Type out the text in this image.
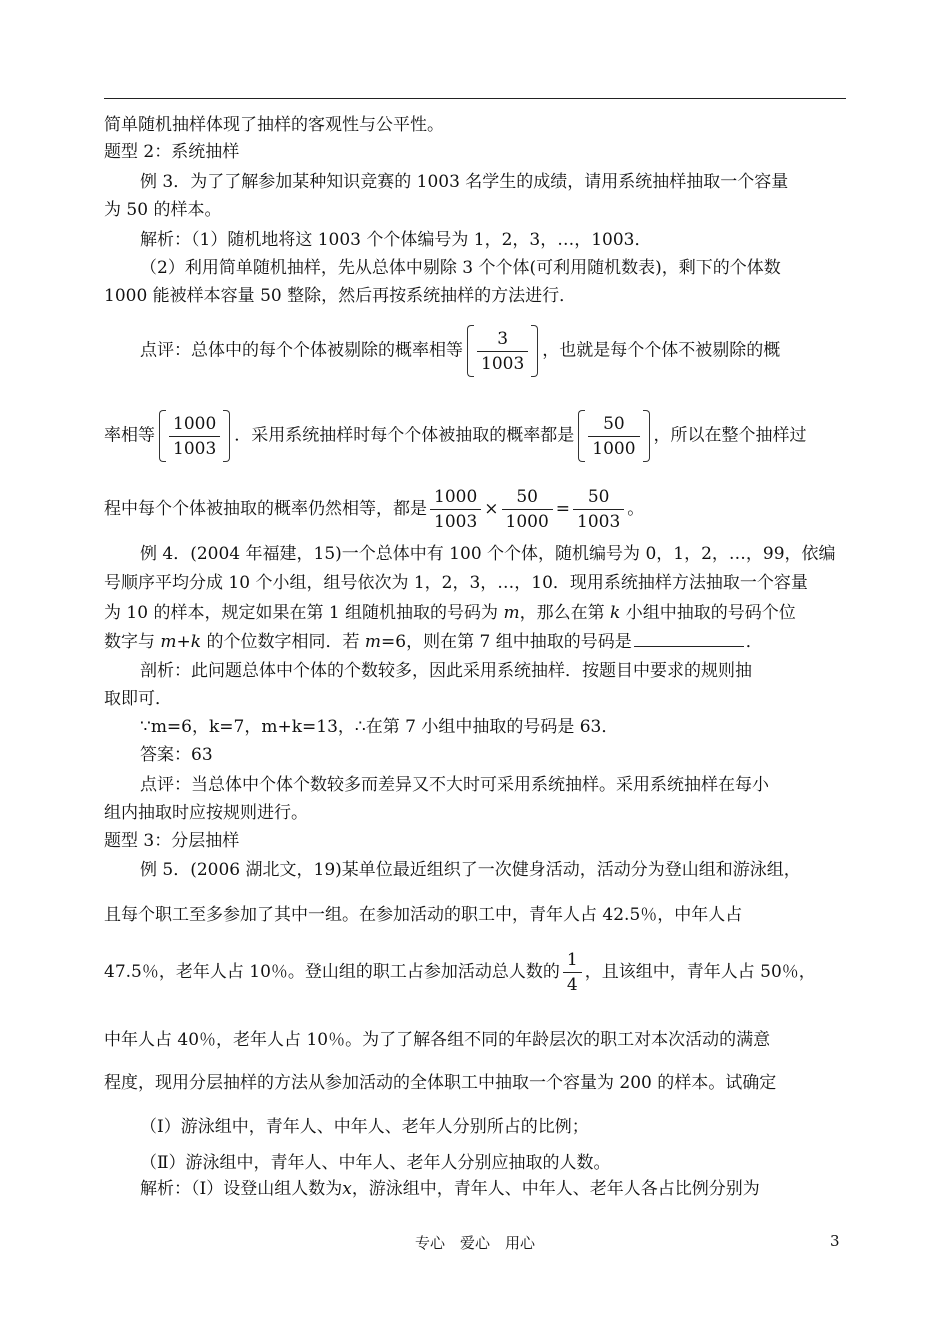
简单随机抽样体现了抽样的客观性与公平性。
题型 2：系统抽样
例 3．为了了解参加某种知识竞赛的 1003 名学生的成绩，请用系统抽样抽取一个容量
为 50 的样本。
解析：（1）随机地将这 1003 个个体编号为 1，2，3，…，1003．
（2）利用简单随机抽样，先从总体中剔除 3 个个体(可利用随机数表)，剩下的个体数
1000 能被样本容量 50 整除，然后再按系统抽样的方法进行．
点评：总体中的每个个体被剔除的概率相等 $\frac{3}{1003}$ ，也就是每个个体不被剔除的概
率相等 $\frac{1000}{1003}$ ．采用系统抽样时每个个体被抽取的概率都是 $\frac{50}{1000}$ ，所以在整个抽样过
程中每个个体被抽取的概率仍然相等，都是 $\frac{1000}{1003} \times \frac{50}{1000} = \frac{50}{1003}$ 。
例 4．(2004 年福建，15)一个总体中有 100 个个体，随机编号为 0，1，2，…，99，依编
号顺序平均分成 10 个小组，组号依次为 1，2，3，…，10．现用系统抽样方法抽取一个容量
为 10 的样本，规定如果在第 1 组随机抽取的号码为 m，那么在第 k 小组中抽取的号码个位
数字与 m+k 的个位数字相同．若 m=6，则在第 7 组中抽取的号码是	．
剖析：此问题总体中个体的个数较多，因此采用系统抽样．按题目中要求的规则抽
取即可．
∵m=6，k=7，m+k=13，∴在第 7 小组中抽取的号码是 63．
答案：63
点评：当总体中个体个数较多而差异又不大时可采用系统抽样。采用系统抽样在每小
组内抽取时应按规则进行。
题型 3：分层抽样
例 5．(2006 湖北文，19)某单位最近组织了一次健身活动，活动分为登山组和游泳组，
且每个职工至多参加了其中一组。在参加活动的职工中，青年人占 42.5％，中年人占
47.5％，老年人占 10％。登山组的职工占参加活动总人数的 $\frac{1}{4}$ ，且该组中，青年人占 50％，
中年人占 40％，老年人占 10％。为了了解各组不同的年龄层次的职工对本次活动的满意
程度，现用分层抽样的方法从参加活动的全体职工中抽取一个容量为 200 的样本。试确定
（Ⅰ）游泳组中，青年人、中年人、老年人分别所占的比例；
（Ⅱ）游泳组中，青年人、中年人、老年人分别应抽取的人数。
解析：（Ⅰ）设登山组人数为x，游泳组中，青年人、中年人、老年人各占比例分别为
专心　爱心　用心	3
